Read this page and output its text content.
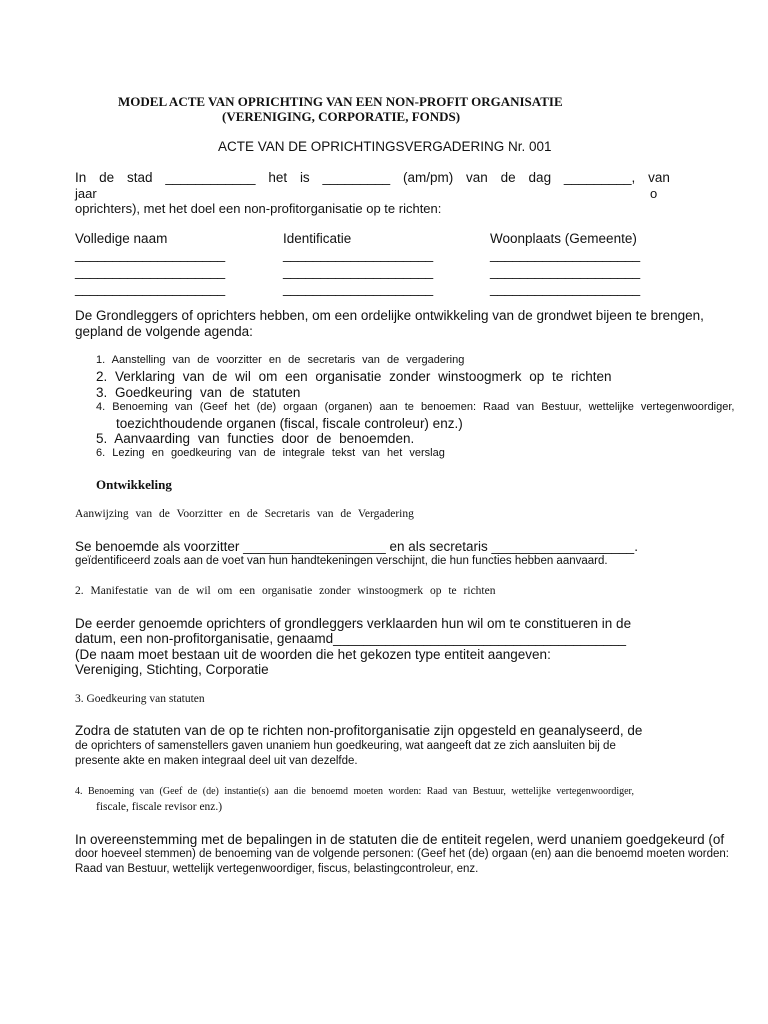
MODEL ACTE VAN OPRICHTING VAN EEN NON-PROFIT ORGANISATIE
(VERENIGING, CORPORATIE, FONDS)
ACTE VAN DE OPRICHTINGSVERGADERING Nr. 001
In de stad ____________ het is _________ (am/pm) van de dag _________, van
jaar	o
oprichters), met het doel een non-profitorganisatie op te richten:
Volledige naam	Identificatie	Woonplaats (Gemeente)
____________________	____________________	____________________
____________________	____________________	____________________
____________________	____________________	____________________
De Grondleggers of oprichters hebben, om een ordelijke ontwikkeling van de grondwet bijeen te brengen,
gepland de volgende agenda:
1. Aanstelling van de voorzitter en de secretaris van de vergadering
2. Verklaring van de wil om een organisatie zonder winstoogmerk op te richten
3. Goedkeuring van de statuten
4. Benoeming van (Geef het (de) orgaan (organen) aan te benoemen: Raad van Bestuur, wettelijke vertegenwoordiger,
toezichthoudende organen (fiscal, fiscale controleur) enz.)
5. Aanvaarding van functies door de benoemden.
6. Lezing en goedkeuring van de integrale tekst van het verslag
Ontwikkeling
Aanwijzing van de Voorzitter en de Secretaris van de Vergadering
Se benoemde als voorzitter ___________________ en als secretaris ___________________.
geïdentificeerd zoals aan de voet van hun handtekeningen verschijnt, die hun functies hebben aanvaard.
2. Manifestatie van de wil om een organisatie zonder winstoogmerk op te richten
De eerder genoemde oprichters of grondleggers verklaarden hun wil om te constitueren in de
datum, een non-profitorganisatie, genaamd_______________________________________
(De naam moet bestaan uit de woorden die het gekozen type entiteit aangeven:
Vereniging, Stichting, Corporatie
3. Goedkeuring van statuten
Zodra de statuten van de op te richten non-profitorganisatie zijn opgesteld en geanalyseerd, de
de oprichters of samenstellers gaven unaniem hun goedkeuring, wat aangeeft dat ze zich aansluiten bij de
presente akte en maken integraal deel uit van dezelfde.
4. Benoeming van (Geef de (de) instantie(s) aan die benoemd moeten worden: Raad van Bestuur, wettelijke vertegenwoordiger,
fiscale, fiscale revisor enz.)
In overeenstemming met de bepalingen in de statuten die de entiteit regelen, werd unaniem goedgekeurd (of
door hoeveel stemmen) de benoeming van de volgende personen: (Geef het (de) orgaan (en) aan die benoemd moeten worden:
Raad van Bestuur, wettelijk vertegenwoordiger, fiscus, belastingcontroleur, enz.
